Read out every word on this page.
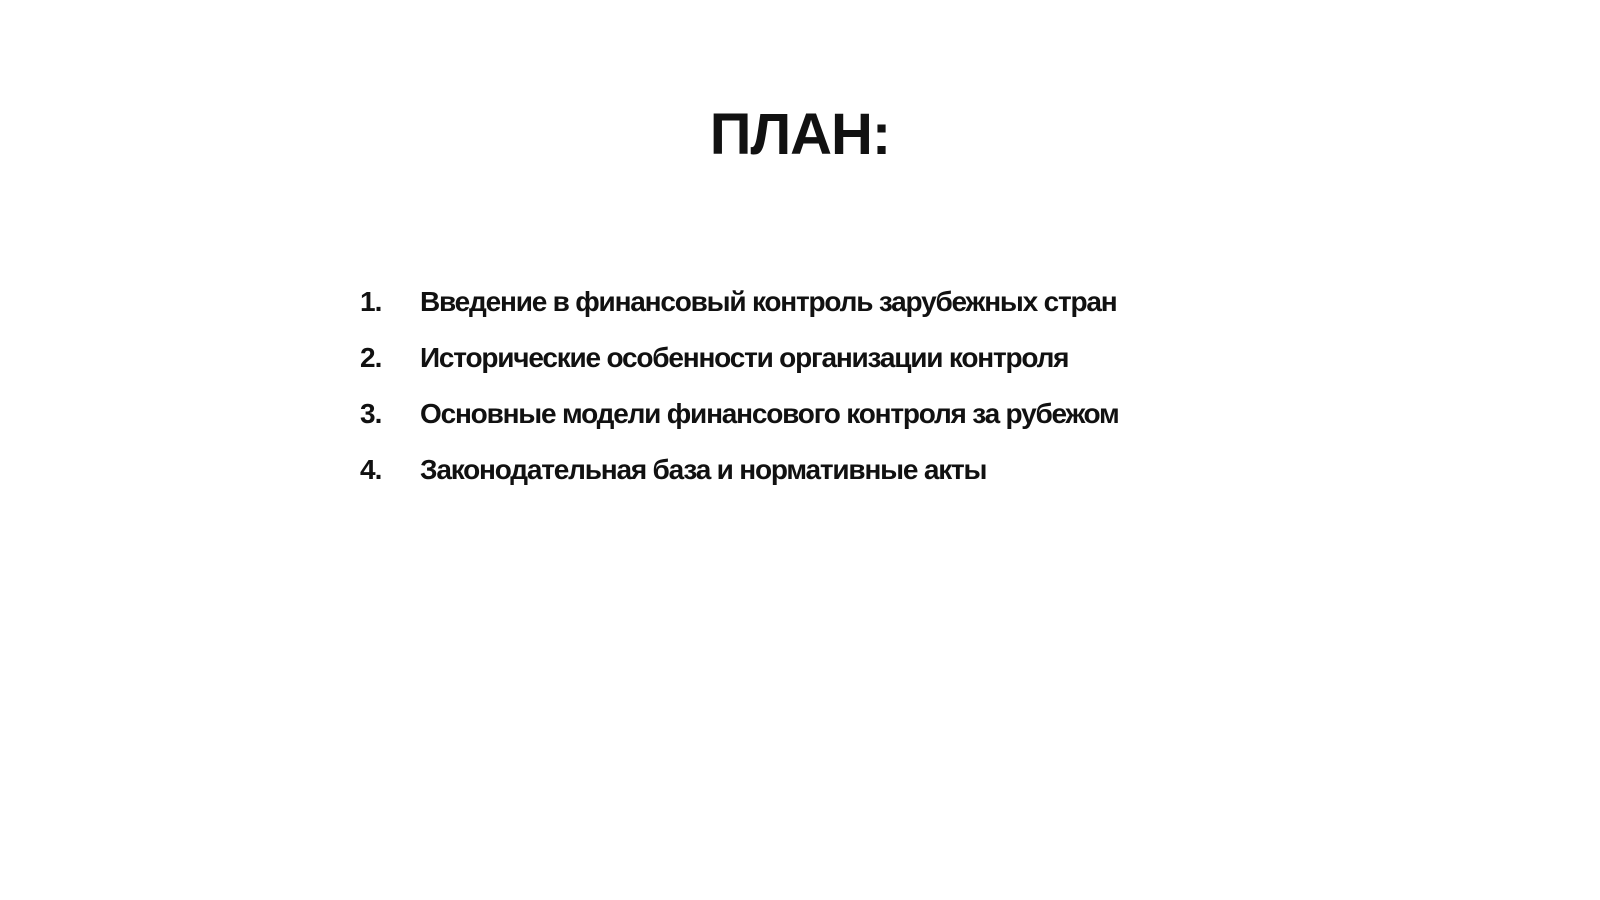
ПЛАН:
1.	Введение в финансовый контроль зарубежных стран
2.	Исторические особенности организации контроля
3.	Основные модели финансового контроля за рубежом
4.	Законодательная база и нормативные акты
